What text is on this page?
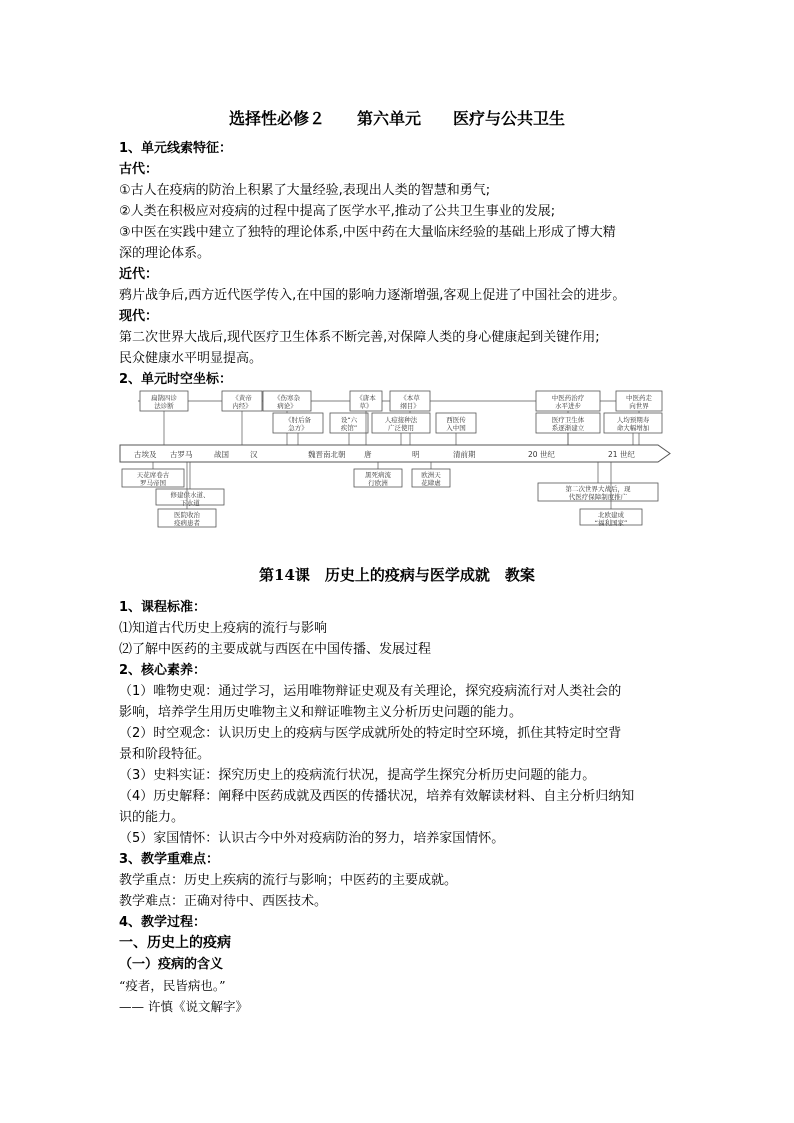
选择性必修２　　第六单元　　医疗与公共卫生
1、单元线索特征：
古代：
①古人在疫病的防治上积累了大量经验,表现出人类的智慧和勇气;
②人类在积极应对疫病的过程中提高了医学水平,推动了公共卫生事业的发展;
③中医在实践中建立了独特的理论体系,中医中药在大量临床经验的基础上形成了博大精
深的理论体系。
近代：
鸦片战争后,西方近代医学传入,在中国的影响力逐渐增强,客观上促进了中国社会的进步。
现代：
第二次世界大战后,现代医疗卫生体系不断完善,对保障人类的身心健康起到关键作用;
民众健康水平明显提高。
2、单元时空坐标：
古埃及 古罗马	战国	汉	魏晋南北朝 唐	明	清前期	20 世纪	21 世纪
扁鹊四诊
法诊断
《黄帝
内经》
《伤寒杂
病论》
《肘后备
急方》
设“六
疾馆”
《唐本
草》
《本草
纲目》
人痘接种法
广泛使用
西医传
入中国
中医药治疗
水平进步
医疗卫生体
系逐渐建立
中医药走
向世界
人均预期寿
命大幅增加
天花席卷古
罗马帝国
修建供水道、
下水道
医院收治
疫病患者
黑死病流
行欧洲
欧洲天
花肆虐
第二次世界大战后，现
代医疗保障制度推广
北欧建成
“福利国家”
第14课　历史上的疫病与医学成就　教案
1、课程标准：
⑴知道古代历史上疫病的流行与影响
⑵了解中医药的主要成就与西医在中国传播、发展过程
2、核心素养：
（1）唯物史观：通过学习，运用唯物辩证史观及有关理论，探究疫病流行对人类社会的
影响，培养学生用历史唯物主义和辩证唯物主义分析历史问题的能力。
（2）时空观念：认识历史上的疫病与医学成就所处的特定时空环境，抓住其特定时空背
景和阶段特征。
（3）史料实证：探究历史上的疫病流行状况，提高学生探究分析历史问题的能力。
（4）历史解释：阐释中医药成就及西医的传播状况，培养有效解读材料、自主分析归纳知
识的能力。
（5）家国情怀：认识古今中外对疫病防治的努力，培养家国情怀。
3、教学重难点：
教学重点：历史上疾病的流行与影响；中医药的主要成就。
教学难点：正确对待中、西医技术。
4、教学过程：
一、历史上的疫病
（一）疫病的含义
“疫者，民皆病也。”
—— 许慎《说文解字》
